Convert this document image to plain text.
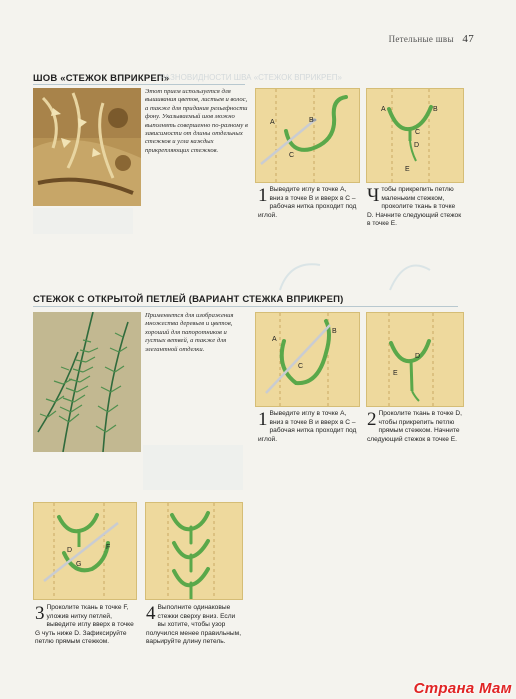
Петельные швы 47
ШОВ «СТЕЖОК ВПРИКРЕП»
РАЗНОВИДНОСТИ ШВА «СТЕЖОК ВПРИКРЕП»
Этот прием используется для вышивания цветов, листьев и волос, а также для придания рельефности фону. Указываемый шов можно выполнять совершенно по-разному в зависимости от длины отдельных стежков и угла каждых прикрепляющих стежков.
A	B
C
A	B
C
D
E
1 Выведите иглу в точке А, вниз в точке В и вверх в С – рабочая нитка проходит под иглой.
Чтобы прикрепить петлю маленьким стежком, проколите ткань в точке D. Начните следующий стежок в точке Е.
СТЕЖОК С ОТКРЫТОЙ ПЕТЛЕЙ (ВАРИАНТ СТЕЖКА ВПРИКРЕП)
Применяется для изображения множества деревьев и цветов, хороший для папоротников и густых ветвей, а также для элегантной отделки.
A
B
C
D
E
1 Выведите иглу в точке А, вниз в точке В и вверх в С – рабочая нитка проходит под иглой.
2 Проколите ткань в точке D, чтобы прикрепить петлю прямым стежком. Начните следующий стежок в точке Е.
D	F
G
3 Проколите ткань в точке F, уложив нитку петлей, выведите иглу вверх в точке G чуть ниже D. Зафиксируйте петлю прямым стежком.
4 Выполните одинаковые стежки сверху вниз. Если вы хотите, чтобы узор получился менее правильным, варьируйте длину петель.
Страна Мам
